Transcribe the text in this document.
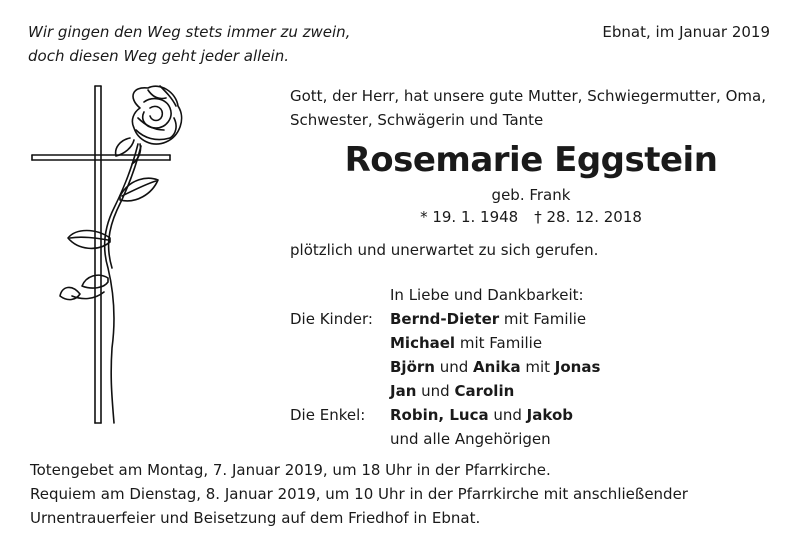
Wir gingen den Weg stets immer zu zwein,
doch diesen Weg geht jeder allein.
Ebnat, im Januar 2019
Gott, der Herr, hat unsere gute Mutter, Schwiegermutter, Oma,
Schwester, Schwägerin und Tante
Rosemarie Eggstein
geb. Frank
* 19. 1. 1948 † 28. 12. 2018
plötzlich und unerwartet zu sich gerufen.
In Liebe und Dankbarkeit:
Die Kinder: Bernd-Dieter mit Familie
Michael mit Familie
Björn und Anika mit Jonas
Jan und Carolin
Die Enkel: Robin, Luca und Jakob
und alle Angehörigen
Totengebet am Montag, 7. Januar 2019, um 18 Uhr in der Pfarrkirche.
Requiem am Dienstag, 8. Januar 2019, um 10 Uhr in der Pfarrkirche mit anschließender
Urnentrauerfeier und Beisetzung auf dem Friedhof in Ebnat.
